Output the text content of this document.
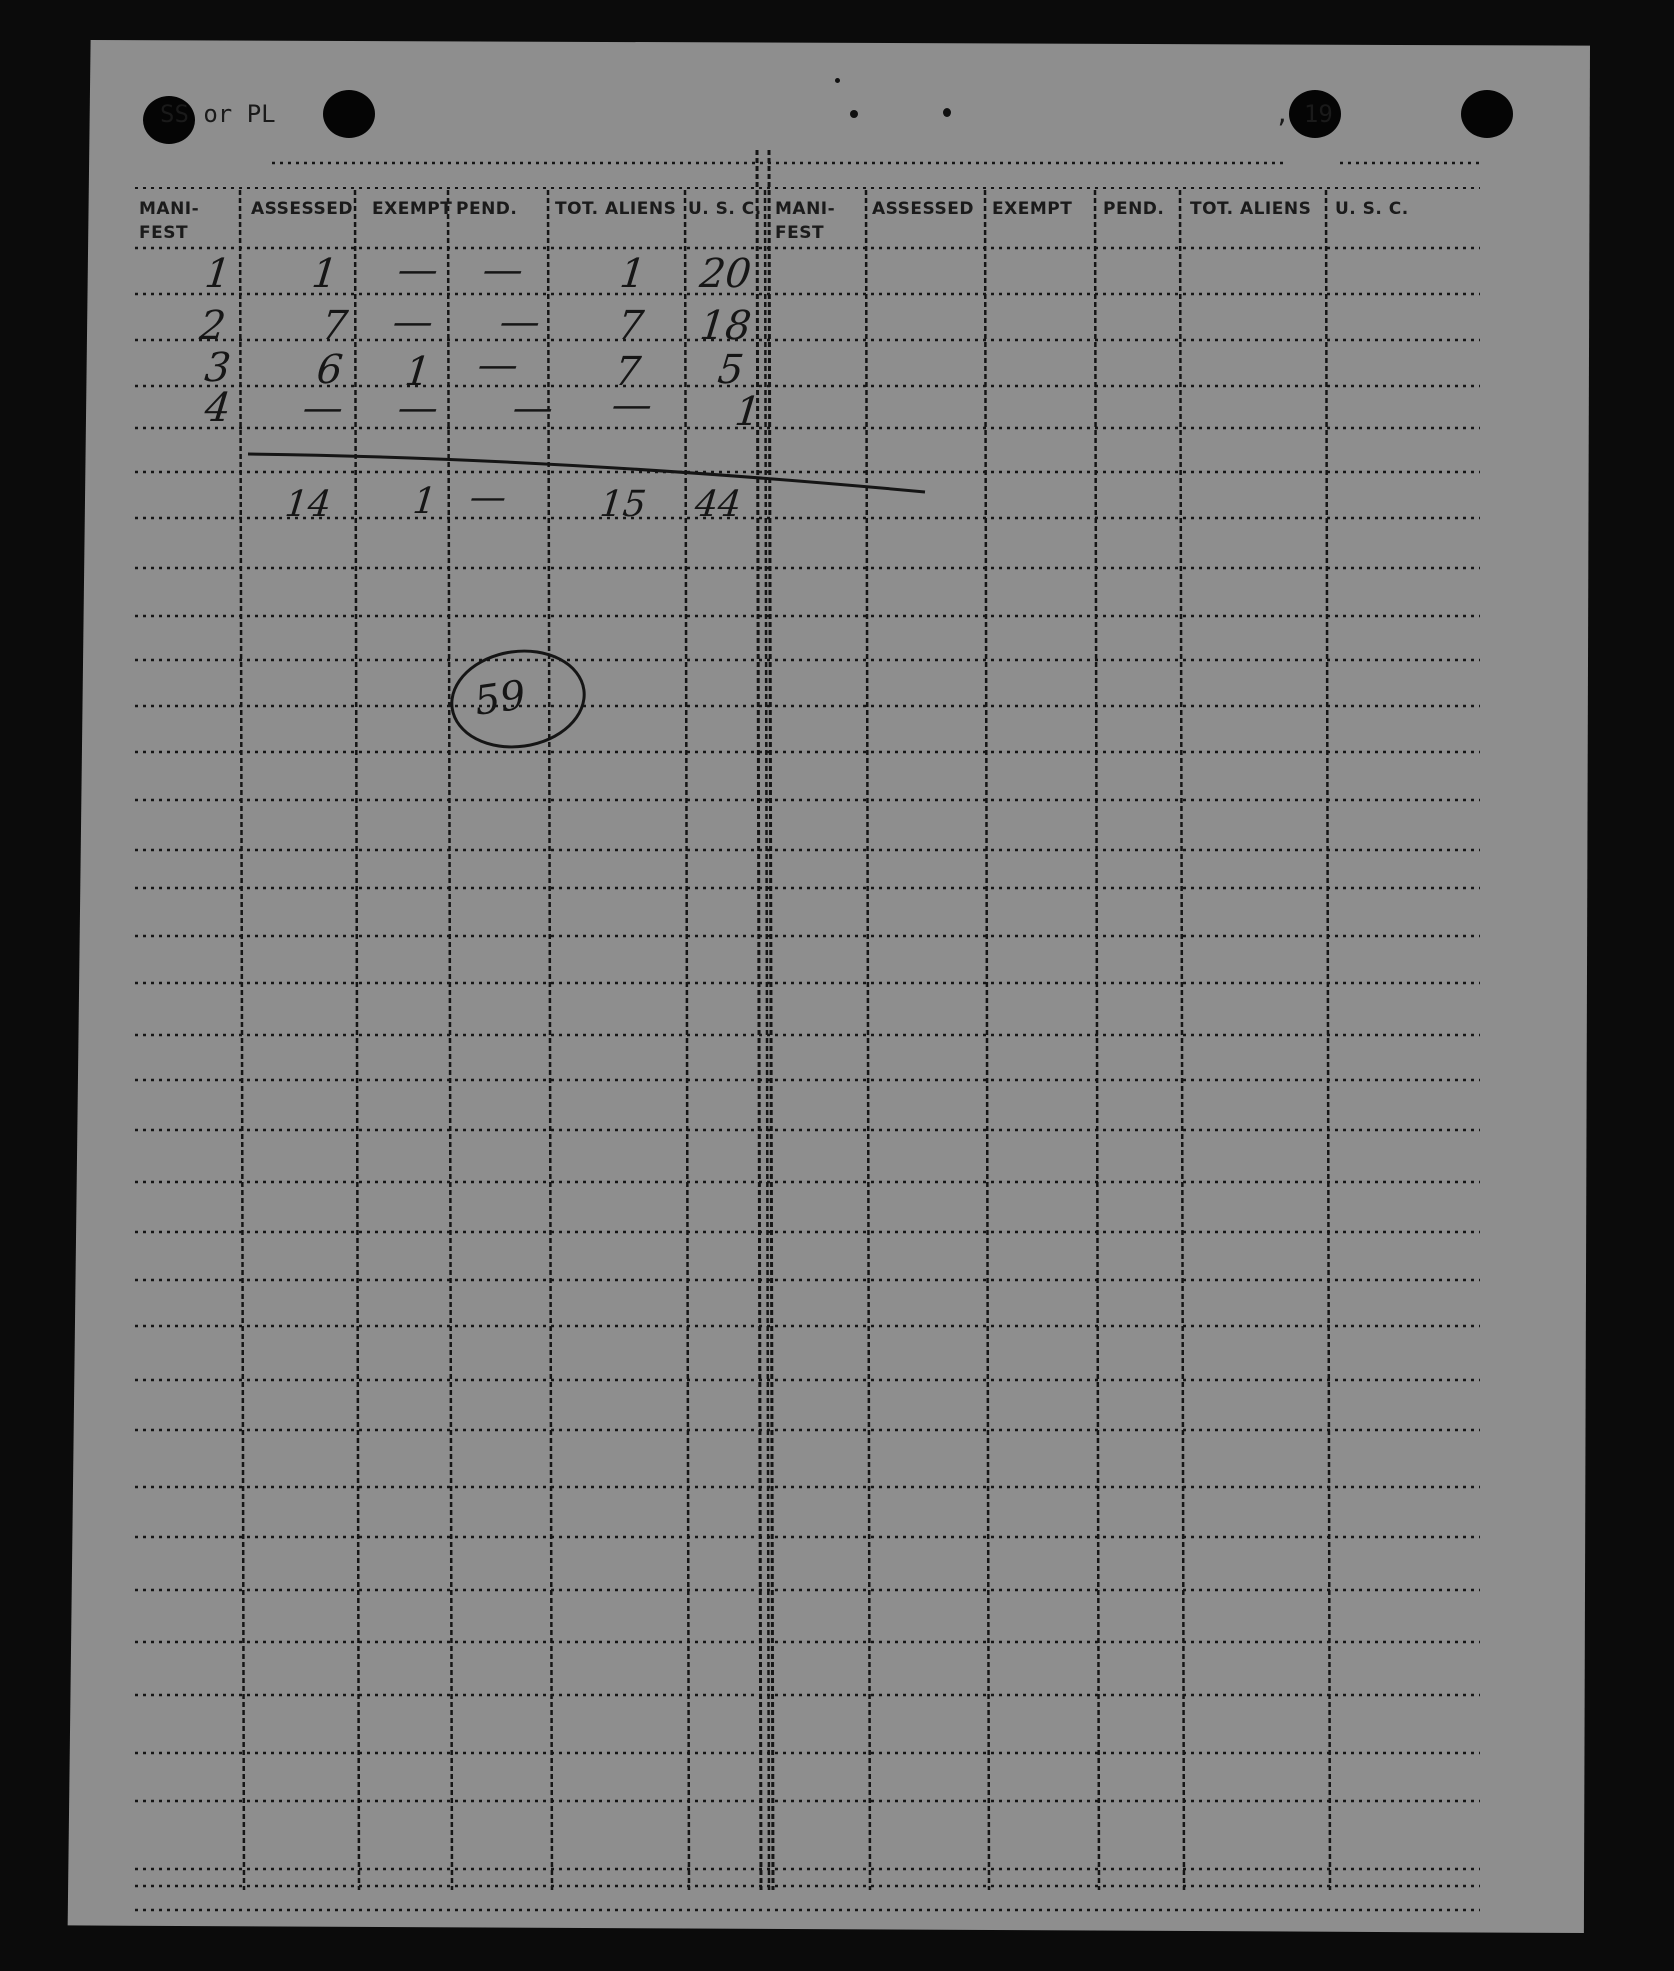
SS or PL	, 19
MANI-
FEST
ASSESSED EXEMPT PEND. TOT. ALIENS U. S. C. MANI-
FEST
ASSESSED EXEMPT PEND. TOT. ALIENS U. S. C.
1 1 — — 1 20
2 7 — — 7 18
3 6 1 — 7 5
4 — — — — 1
14 1 — 15 44
59
